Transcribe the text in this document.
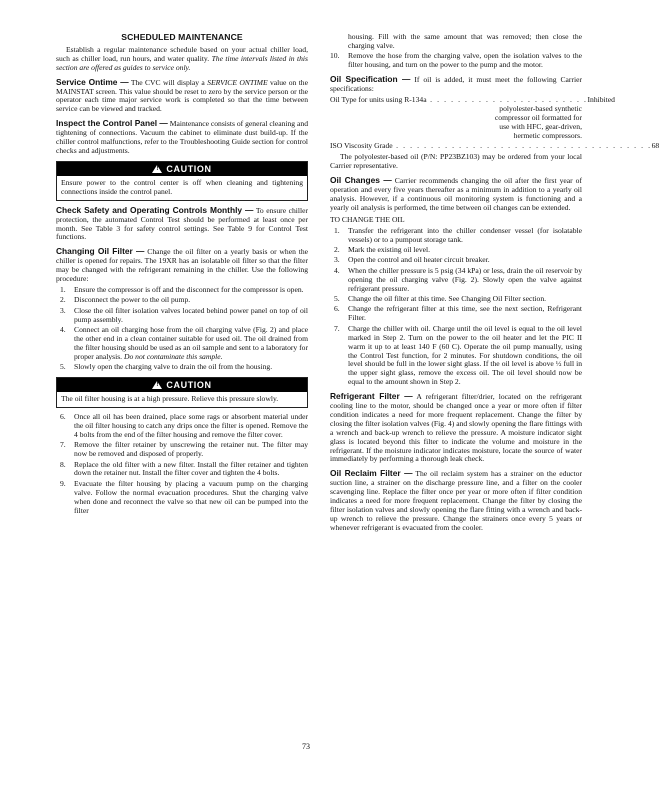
SCHEDULED MAINTENANCE

Establish a regular maintenance schedule based on your actual chiller load, such as chiller load, run hours, and water quality. The time intervals listed in this section are offered as guides to service only.

Service Ontime — The CVC will display a SERVICE ONTIME value on the MAINSTAT screen. This value should be reset to zero by the service person or the operator each time major service work is completed so that the time between service can be viewed and tracked.

Inspect the Control Panel — Maintenance consists of general cleaning and tightening of connections. Vacuum the cabinet to eliminate dust build-up. If the chiller control malfunctions, refer to the Troubleshooting Guide section for control checks and adjustments.

! CAUTION
Ensure power to the control center is off when cleaning and tightening connections inside the control panel.

Check Safety and Operating Controls Monthly — To ensure chiller protection, the automated Control Test should be performed at least once per month. See Table 3 for safety control settings. See Table 9 for Control Test functions.

Changing Oil Filter — Change the oil filter on a yearly basis or when the chiller is opened for repairs. The 19XR has an isolatable oil filter so that the filter may be changed with the refrigerant remaining in the chiller. Use the following procedure:

1. Ensure the compressor is off and the disconnect for the compressor is open.
2. Disconnect the power to the oil pump.
3. Close the oil filter isolation valves located behind power panel on top of oil pump assembly.
4. Connect an oil charging hose from the oil charging valve (Fig. 2) and place the other end in a clean container suitable for used oil. The oil drained from the filter housing should be used as an oil sample and sent to a laboratory for proper analysis. Do not contaminate this sample.
5. Slowly open the charging valve to drain the oil from the housing.
! CAUTION
The oil filter housing is at a high pressure. Relieve this pressure slowly.
6. Once all oil has been drained, place some rags or absorbent material under the oil filter housing to catch any drips once the filter is opened. Remove the 4 bolts from the end of the filter housing and remove the filter cover.
7. Remove the filter retainer by unscrewing the retainer nut. The filter may now be removed and disposed of properly.
8. Replace the old filter with a new filter. Install the filter retainer and tighten down the retainer nut. Install the filter cover and tighten the 4 bolts.
9. Evacuate the filter housing by placing a vacuum pump on the charging valve. Follow the normal evacuation procedures. Shut the charging valve when done and reconnect the valve so that new oil can be pumped into the filter
housing. Fill with the same amount that was removed; then close the charging valve.
10. Remove the hose from the charging valve, open the isolation valves to the filter housing, and turn on the power to the pump and the motor.

Oil Specification — If oil is added, it must meet the following Carrier specifications:

Oil Type for units using R-134a . . . . . . . . . . . . . . . . . . . . . . . Inhibited
polyolester-based synthetic
compressor oil formatted for
use with HFC, gear-driven,
hermetic compressors.
ISO Viscosity Grade . . . . . . . . . . . . . . . . . . . . . . . . . . . . . . . . . . . . . 68

The polyolester-based oil (P/N: PP23BZ103) may be ordered from your local Carrier representative.

Oil Changes — Carrier recommends changing the oil after the first year of operation and every five years thereafter as a minimum in addition to a yearly oil analysis. However, if a continuous oil monitoring system is functioning and a yearly oil analysis is performed, the time between oil changes can be extended.

TO CHANGE THE OIL

1. Transfer the refrigerant into the chiller condenser vessel (for isolatable vessels) or to a pumpout storage tank.
2. Mark the existing oil level.
3. Open the control and oil heater circuit breaker.
4. When the chiller pressure is 5 psig (34 kPa) or less, drain the oil reservoir by opening the oil charging valve (Fig. 2). Slowly open the valve against refrigerant pressure.
5. Change the oil filter at this time. See Changing Oil Filter section.
6. Change the refrigerant filter at this time, see the next section, Refrigerant Filter.
7. Charge the chiller with oil. Charge until the oil level is equal to the oil level marked in Step 2. Turn on the power to the oil heater and let the PIC II warm it up to at least 140 F (60 C). Operate the oil pump manually, using the Control Test function, for 2 minutes. For shutdown conditions, the oil level should be full in the lower sight glass. If the oil level is above ½ full in the upper sight glass, remove the excess oil. The oil level should now be equal to the amount shown in Step 2.

Refrigerant Filter — A refrigerant filter/drier, located on the refrigerant cooling line to the motor, should be changed once a year or more often if filter condition indicates a need for more frequent replacement. Change the filter by closing the filter isolation valves (Fig. 4) and slowly opening the flare fittings with a wrench and back-up wrench to relieve the pressure. A moisture indicator sight glass is located beyond this filter to indicate the volume and moisture in the refrigerant. If the moisture indicator indicates moisture, locate the source of water immediately by performing a thorough leak check.

Oil Reclaim Filter — The oil reclaim system has a strainer on the eductor suction line, a strainer on the discharge pressure line, and a filter on the cooler scavenging line. Replace the filter once per year or more often if filter condition indicates a need for more frequent replacement. Change the filter by closing the filter isolation valves and slowly opening the flare fitting with a wrench and back-up wrench to relieve the pressure. Change the strainers once every 5 years or whenever refrigerant is evacuated from the cooler.

73
